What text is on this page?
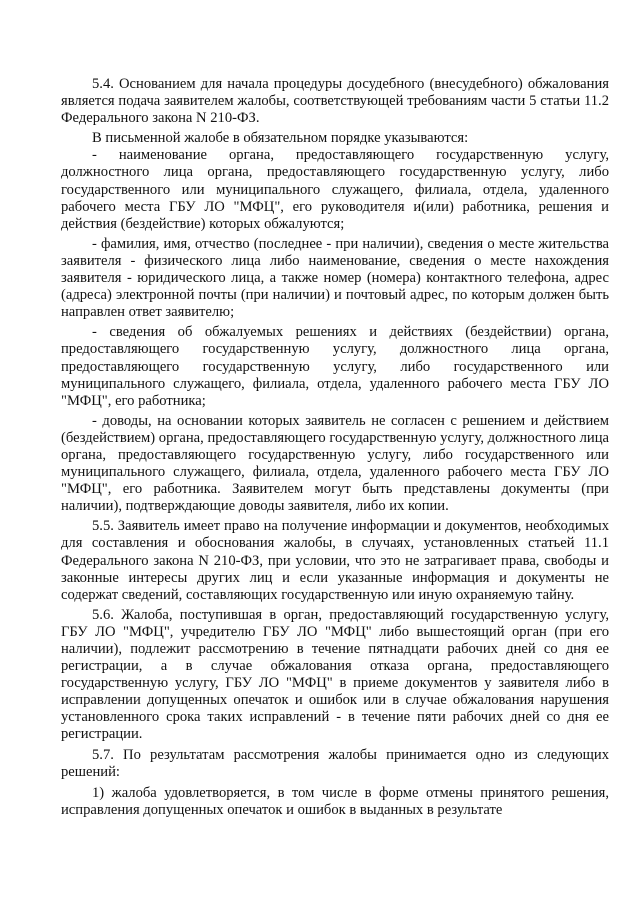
5.4. Основанием для начала процедуры досудебного (внесудебного) обжалования является подача заявителем жалобы, соответствующей требованиям части 5 статьи 11.2 Федерального закона N 210-ФЗ.

В письменной жалобе в обязательном порядке указываются:

- наименование органа, предоставляющего государственную услугу, должностного лица органа, предоставляющего государственную услугу, либо государственного или муниципального служащего, филиала, отдела, удаленного рабочего места ГБУ ЛО "МФЦ", его руководителя и(или) работника, решения и действия (бездействие) которых обжалуются;

- фамилия, имя, отчество (последнее - при наличии), сведения о месте жительства заявителя - физического лица либо наименование, сведения о месте нахождения заявителя - юридического лица, а также номер (номера) контактного телефона, адрес (адреса) электронной почты (при наличии) и почтовый адрес, по которым должен быть направлен ответ заявителю;

- сведения об обжалуемых решениях и действиях (бездействии) органа, предоставляющего государственную услугу, должностного лица органа, предоставляющего государственную услугу, либо государственного или муниципального служащего, филиала, отдела, удаленного рабочего места ГБУ ЛО "МФЦ", его работника;

- доводы, на основании которых заявитель не согласен с решением и действием (бездействием) органа, предоставляющего государственную услугу, должностного лица органа, предоставляющего государственную услугу, либо государственного или муниципального служащего, филиала, отдела, удаленного рабочего места ГБУ ЛО "МФЦ", его работника. Заявителем могут быть представлены документы (при наличии), подтверждающие доводы заявителя, либо их копии.

5.5. Заявитель имеет право на получение информации и документов, необходимых для составления и обоснования жалобы, в случаях, установленных статьей 11.1 Федерального закона N 210-ФЗ, при условии, что это не затрагивает права, свободы и законные интересы других лиц и если указанные информация и документы не содержат сведений, составляющих государственную или иную охраняемую тайну.

5.6. Жалоба, поступившая в орган, предоставляющий государственную услугу, ГБУ ЛО "МФЦ", учредителю ГБУ ЛО "МФЦ" либо вышестоящий орган (при его наличии), подлежит рассмотрению в течение пятнадцати рабочих дней со дня ее регистрации, а в случае обжалования отказа органа, предоставляющего государственную услугу, ГБУ ЛО "МФЦ" в приеме документов у заявителя либо в исправлении допущенных опечаток и ошибок или в случае обжалования нарушения установленного срока таких исправлений - в течение пяти рабочих дней со дня ее регистрации.

5.7. По результатам рассмотрения жалобы принимается одно из следующих решений:

1) жалоба удовлетворяется, в том числе в форме отмены принятого решения, исправления допущенных опечаток и ошибок в выданных в результате
